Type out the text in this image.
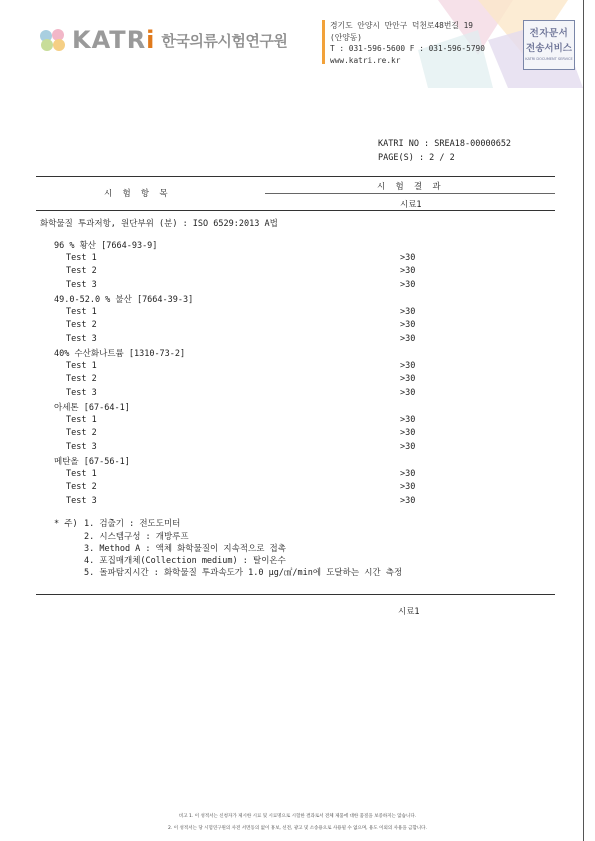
KATRi 한국의류시험연구원
경기도 안양시 만안구 덕천로48번길 19
(안양동)
T : 031-596-5600 F : 031-596-5790
www.katri.re.kr
전자문서
전송서비스
KATRI DOCUMENT SERVICE
KATRI NO : SREA18-00000652
PAGE(S) : 2 / 2
시  험  항  목
시  험  결  과
시료1
화학물질 투과저항, 원단부위 (분) : ISO 6529:2013 A법
96 % 황산 [7664-93-9]
Test 1	>30
Test 2	>30
Test 3	>30
49.0-52.0 % 불산 [7664-39-3]
Test 1	>30
Test 2	>30
Test 3	>30
40% 수산화나트륨 [1310-73-2]
Test 1	>30
Test 2	>30
Test 3	>30
아세톤 [67-64-1]
Test 1	>30
Test 2	>30
Test 3	>30
메탄올 [67-56-1]
Test 1	>30
Test 2	>30
Test 3	>30
* 주) 1. 검출기 : 전도도미터
2. 시스템구성 : 개방루프
3. Method A : 액체 화학물질이 지속적으로 접촉
4. 포집매개체(Collection medium) : 탈이온수
5. 돌파탐지시간 : 화학물질 투과속도가 1.0 μg/㎠/min에 도달하는 시간 측정
시료1
비고 1. 이 성적서는 신청자가 제시한 시료 및 시료명으로 시험한 결과로서 전체 제품에 대한 품질을 보증하지는 않습니다.
2. 이 성적서는 당 시험연구원의 사전 서면동의 없이 홍보, 선전, 광고 및 소송용으로 사용될 수 없으며, 용도 이외의 사용을 금합니다.
